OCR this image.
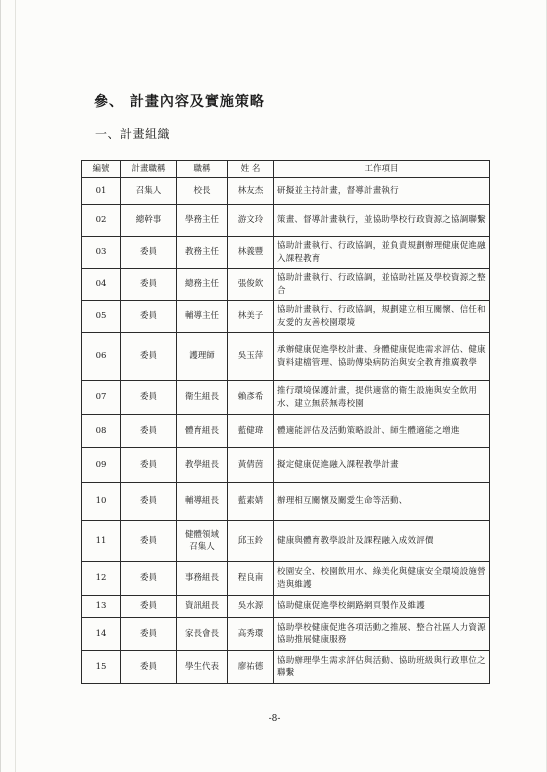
參、 計畫內容及實施策略
一、計畫組織
編號	計畫職稱	職稱	姓 名	工作項目
01	召集人	校長	林友杰	研擬並主持計畫，督導計畫執行
02	總幹事	學務主任	游文玲	策畫、督導計畫執行，並協助學校行政資源之協調聯繫
03	委員	教務主任	林義豐	協助計畫執行、行政協調，並負責規劃辦理健康促進融入課程教育
04	委員	總務主任	張俊欽	協助計畫執行、行政協調，並協助社區及學校資源之整合
05	委員	輔導主任	林美子	協助計畫執行、行政協調，規劃建立相互關懷、信任和友愛的友善校園環境
06	委員	護理師	吳玉萍	承辦健康促進學校計畫、身體健康促進需求評估、健康資料建檔管理、協助傳染病防治與安全教育推廣教學
07	委員	衛生組長	賴彥希	推行環境保護計畫，提供適當的衛生設施與安全飲用水、建立無菸無毒校園
08	委員	體育組長	藍健瑋	體適能評估及活動策略設計、師生體適能之增進
09	委員	教學組長	黃倩茵	擬定健康促進融入課程教學計畫
10	委員	輔導組長	藍素婧	辦理相互關懷及關愛生命等活動、
11	委員	健體領域召集人	邱玉鈴	健康與體育教學設計及課程融入成效評價
12	委員	事務組長	程良南	校園安全、校園飲用水、綠美化與健康安全環境設施營造與維護
13	委員	資訊組長	吳水源	協助健康促進學校網路網頁製作及維護
14	委員	家長會長	高秀環	協助學校健康促進各項活動之推展、整合社區人力資源協助推展健康服務
15	委員	學生代表	廖祐德	協助辦理學生需求評估與活動、協助班級與行政單位之聯繫
-8-
